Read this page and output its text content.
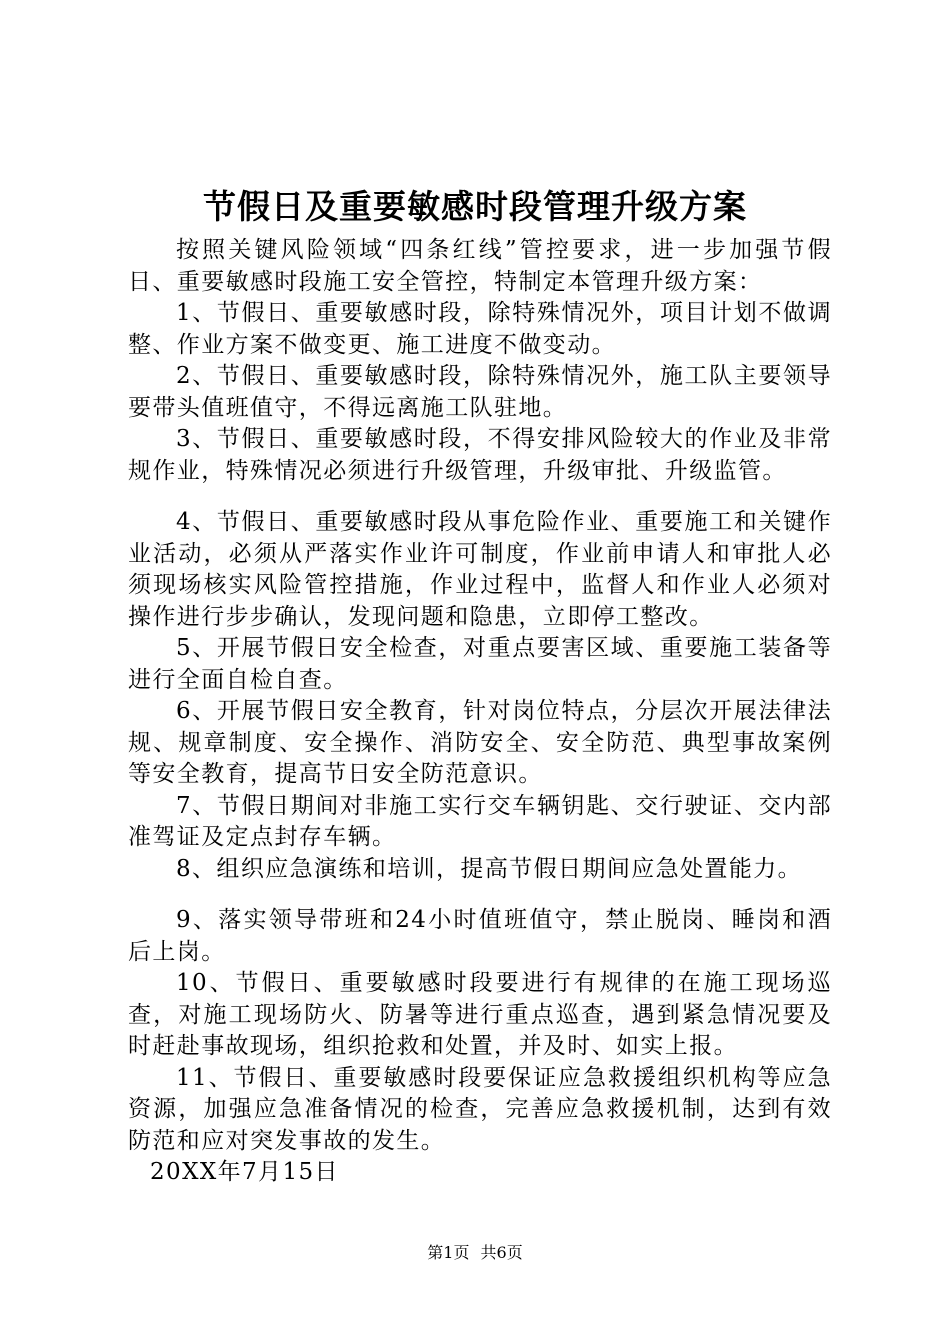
节假日及重要敏感时段管理升级方案

按照关键风险领域“四条红线”管控要求，进一步加强节假日、重要敏感时段施工安全管控，特制定本管理升级方案：

1、节假日、重要敏感时段，除特殊情况外，项目计划不做调整、作业方案不做变更、施工进度不做变动。

2、节假日、重要敏感时段，除特殊情况外，施工队主要领导要带头值班值守，不得远离施工队驻地。

3、节假日、重要敏感时段，不得安排风险较大的作业及非常规作业，特殊情况必须进行升级管理，升级审批、升级监管。

4、节假日、重要敏感时段从事危险作业、重要施工和关键作业活动，必须从严落实作业许可制度，作业前申请人和审批人必须现场核实风险管控措施，作业过程中，监督人和作业人必须对操作进行步步确认，发现问题和隐患，立即停工整改。

5、开展节假日安全检查，对重点要害区域、重要施工装备等进行全面自检自查。

6、开展节假日安全教育，针对岗位特点，分层次开展法律法规、规章制度、安全操作、消防安全、安全防范、典型事故案例等安全教育，提高节日安全防范意识。

7、节假日期间对非施工实行交车辆钥匙、交行驶证、交内部准驾证及定点封存车辆。

8、组织应急演练和培训，提高节假日期间应急处置能力。

9、落实领导带班和24小时值班值守，禁止脱岗、睡岗和酒后上岗。

10、节假日、重要敏感时段要进行有规律的在施工现场巡查，对施工现场防火、防暑等进行重点巡查，遇到紧急情况要及时赶赴事故现场，组织抢救和处置，并及时、如实上报。

11、节假日、重要敏感时段要保证应急救援组织机构等应急资源，加强应急准备情况的检查，完善应急救援机制，达到有效防范和应对突发事故的发生。

20XX年7月15日

第1页 共6页
